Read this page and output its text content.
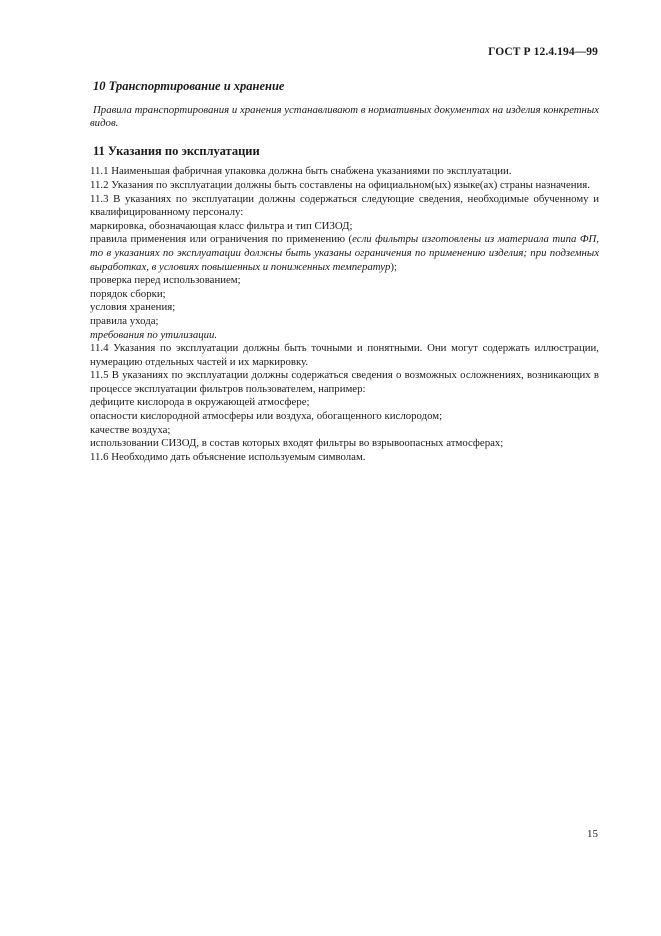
ГОСТ Р 12.4.194—99
10 Транспортирование и хранение

Правила транспортирования и хранения устанавливают в нормативных документах на изделия конкретных видов.

11 Указания по эксплуатации

11.1 Наименьшая фабричная упаковка должна быть снабжена указаниями по эксплуатации.

11.2 Указания по эксплуатации должны быть составлены на официальном(ых) языке(ах) страны назначения.

11.3 В указаниях по эксплуатации должны содержаться следующие сведения, необходимые обученному и квалифицированному персоналу:

маркировка, обозначающая класс фильтра и тип СИЗОД;

правила применения или ограничения по применению (если фильтры изготовлены из материала типа ФП, то в указаниях по эксплуатации должны быть указаны ограничения по применению изделия; при подземных выработках, в условиях повышенных и пониженных температур);

проверка перед использованием;

порядок сборки;

условия хранения;

правила ухода;

требования по утилизации.

11.4 Указания по эксплуатации должны быть точными и понятными. Они могут содержать иллюстрации, нумерацию отдельных частей и их маркировку.

11.5 В указаниях по эксплуатации должны содержаться сведения о возможных осложнениях, возникающих в процессе эксплуатации фильтров пользователем, например:

дефиците кислорода в окружающей атмосфере;

опасности кислородной атмосферы или воздуха, обогащенного кислородом;

качестве воздуха;

использовании СИЗОД, в состав которых входят фильтры во взрывоопасных атмосферах;

11.6 Необходимо дать объяснение используемым символам.

15
